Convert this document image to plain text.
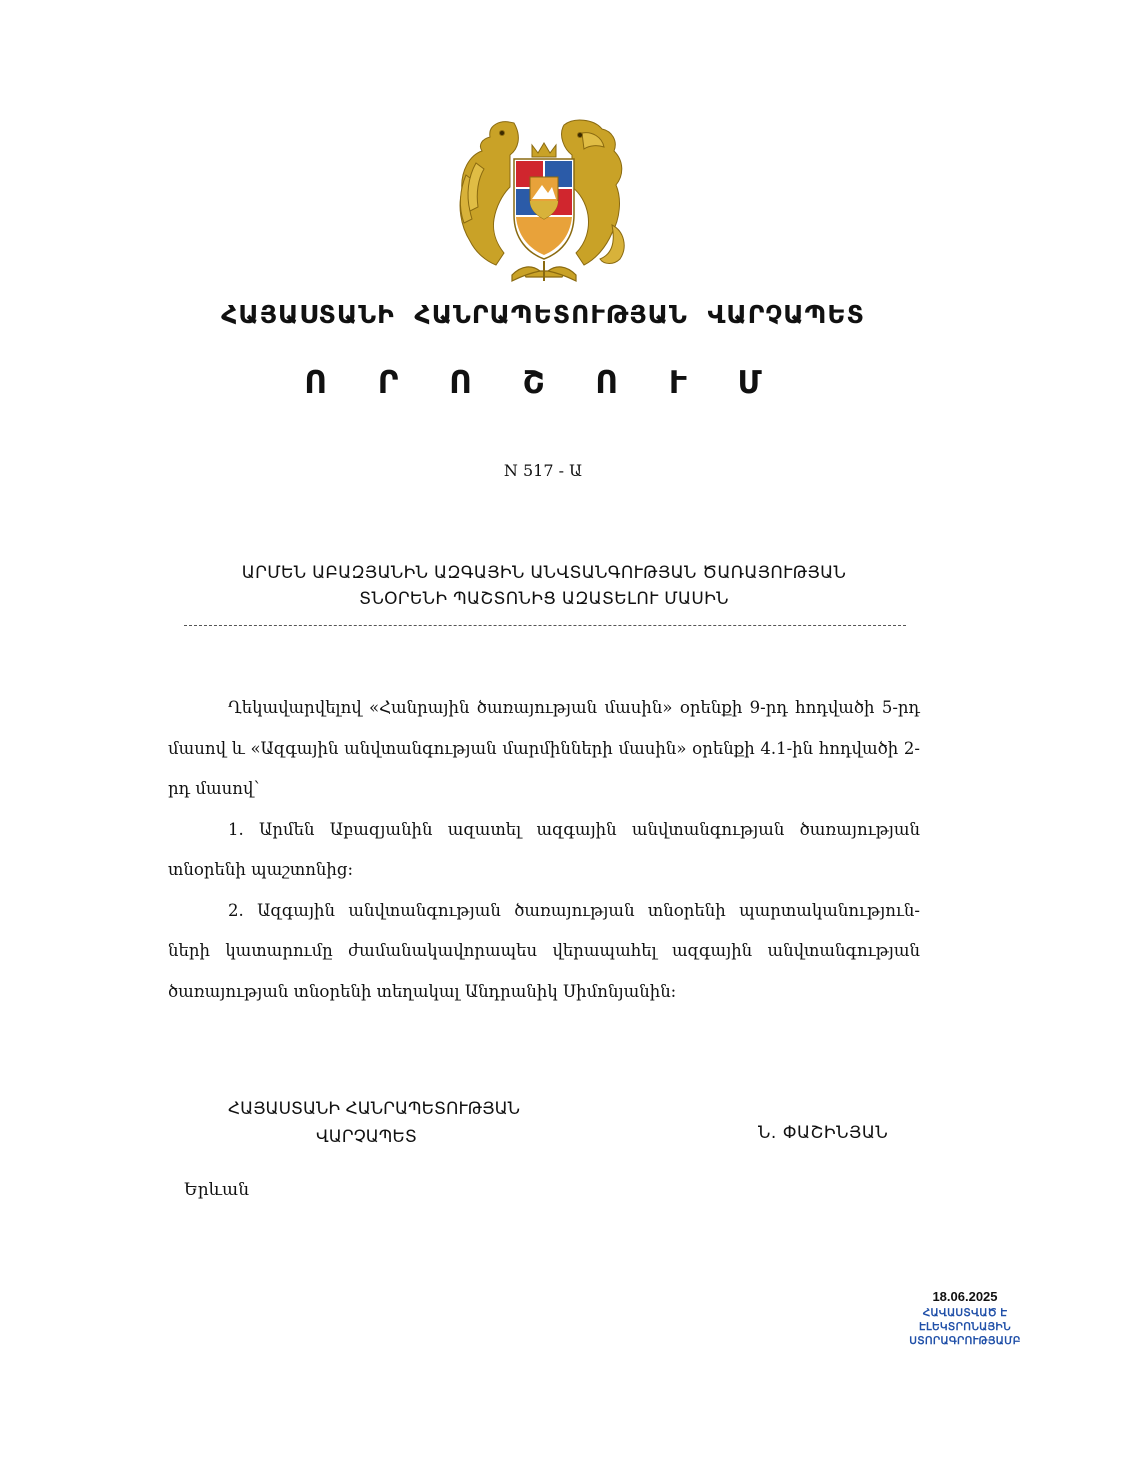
ՀԱՅԱՍՏԱՆԻ ՀԱՆՐԱՊԵՏՈՒԹՅԱՆ ՎԱՐՉԱՊԵՏ
Ո Ր Ո Շ Ո Ւ Մ
N 517 - Ա
ԱՐՄԵՆ ԱԲԱԶՅԱՆԻՆ ԱԶԳԱՅԻՆ ԱՆՎՏԱՆԳՈՒԹՅԱՆ ԾԱՌԱՅՈՒԹՅԱՆ
ՏՆՕՐԵՆԻ ՊԱՇՏՈՆԻՑ ԱԶԱՏԵԼՈՒ ՄԱՍԻՆ

Ղեկավարվելով «Հանրային ծառայության մասին» օրենքի 9-րդ հոդվածի 5-րդ մասով և «Ազգային անվտանգության մարմինների մասին» օրենքի 4.1-ին հոդվածի 2-րդ մասով՝

1. Արմեն Աբազյանին ազատել ազգային անվտանգության ծառայության տնօրենի պաշտոնից:

2. Ազգային անվտանգության ծառայության տնօրենի պարտականություն-ների կատարումը ժամանակավորապես վերապահել ազգային անվտանգության ծառայության տնօրենի տեղակալ Անդրանիկ Սիմոնյանին:

ՀԱՅԱՍՏԱՆԻ ՀԱՆՐԱՊԵՏՈՒԹՅԱՆ
ՎԱՐՉԱՊԵՏ	Ն. ՓԱՇԻՆՅԱՆ
Երևան
18.06.2025
ՀԱՎԱՍՏՎԱԾ Է
ԷԼԵԿՏՐՈՆԱՅԻՆ
ՍՏՈՐԱԳՐՈՒԹՅԱՄԲ
